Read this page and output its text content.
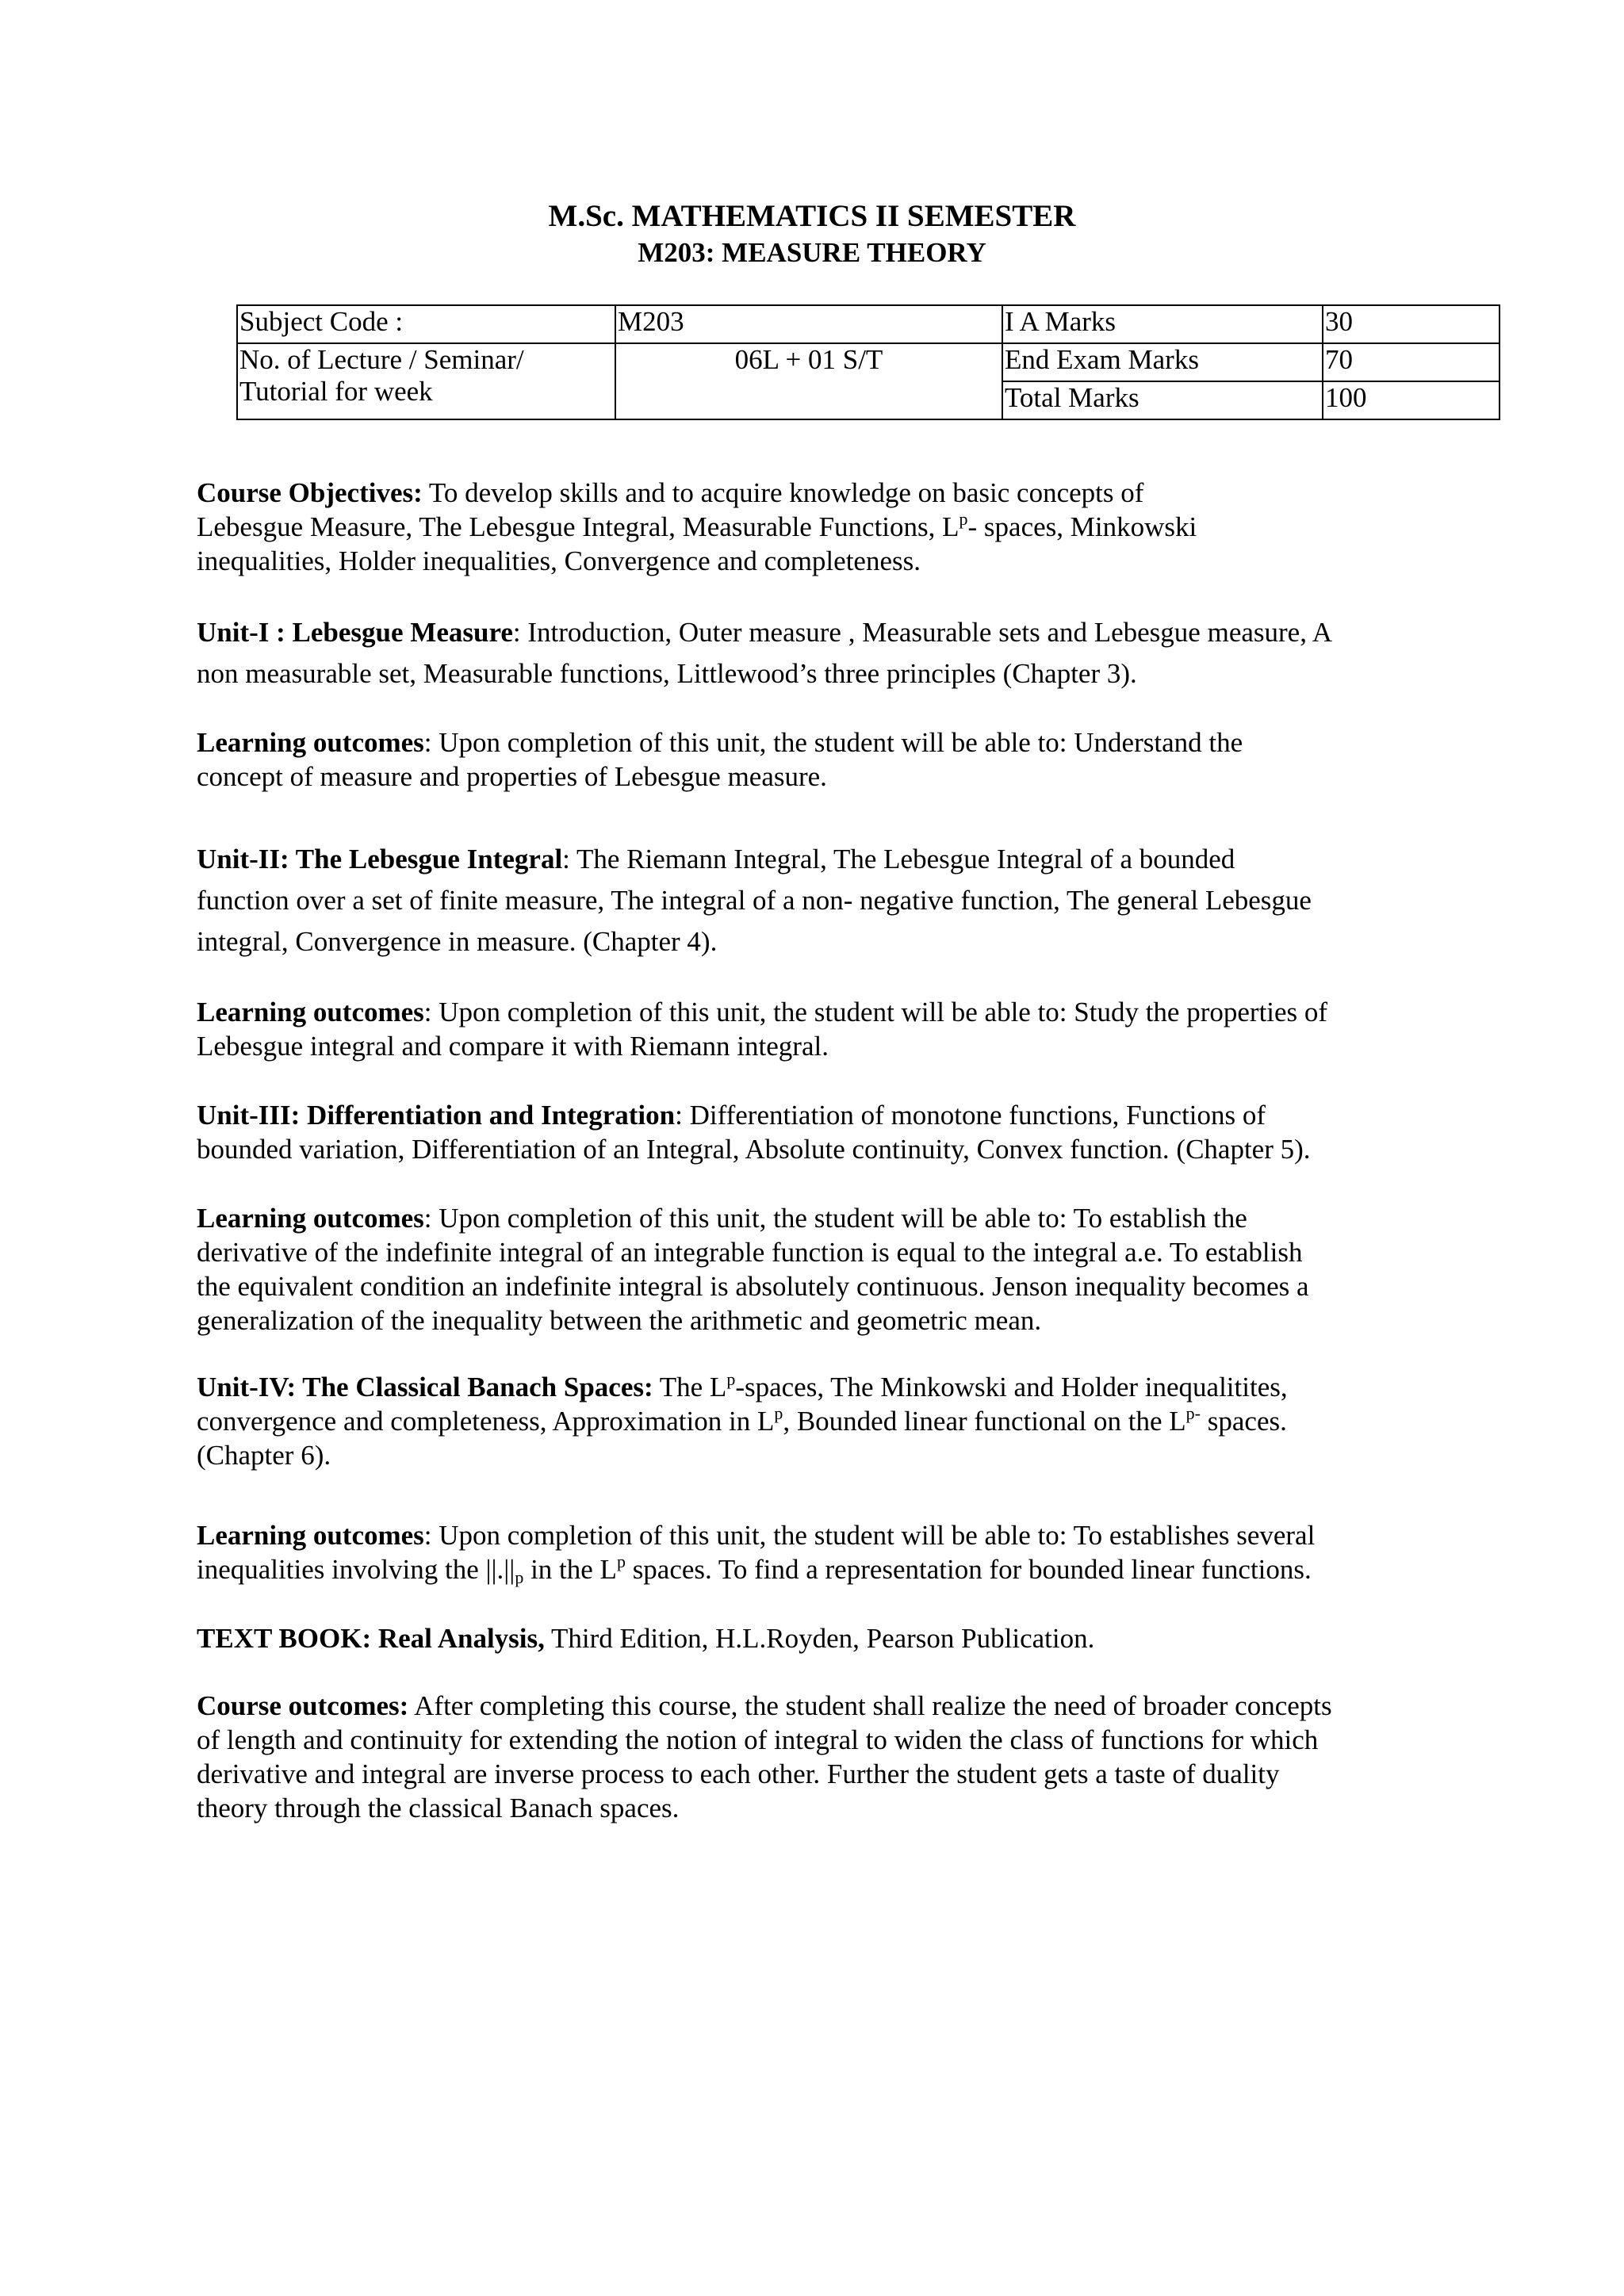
M.Sc. MATHEMATICS II SEMESTER
M203: MEASURE THEORY
Subject Code :	M203	I A Marks	30
No. of Lecture / Seminar/
Tutorial for week	06L + 01 S/T	End Exam Marks	70
		Total Marks	100
Course Objectives: To develop skills and to acquire knowledge on basic concepts of
Lebesgue Measure, The Lebesgue Integral, Measurable Functions, $L^p-$ spaces, Minkowski
inequalities, Holder inequalities, Convergence and completeness.
Unit-I : Lebesgue Measure: Introduction, Outer measure , Measurable sets and Lebesgue measure, A
non measurable set, Measurable functions, Littlewood’s three principles (Chapter 3).
Learning outcomes: Upon completion of this unit, the student will be able to: Understand the
concept of measure and properties of Lebesgue measure.
Unit-II: The Lebesgue Integral: The Riemann Integral, The Lebesgue Integral of a bounded
function over a set of finite measure, The integral of a non- negative function, The general Lebesgue
integral, Convergence in measure. (Chapter 4).
Learning outcomes: Upon completion of this unit, the student will be able to: Study the properties of
Lebesgue integral and compare it with Riemann integral.
Unit-III: Differentiation and Integration: Differentiation of monotone functions, Functions of
bounded variation, Differentiation of an Integral, Absolute continuity, Convex function. (Chapter 5).
Learning outcomes: Upon completion of this unit, the student will be able to: To establish the
derivative of the indefinite integral of an integrable function is equal to the integral a.e. To establish
the equivalent condition an indefinite integral is absolutely continuous. Jenson inequality becomes a
generalization of the inequality between the arithmetic and geometric mean.
Unit-IV: The Classical Banach Spaces: The $L^p$-spaces, The Minkowski and Holder inequalitites,
convergence and completeness, Approximation in $L^p$, Bounded linear functional on the $L^{p-}$ spaces.
(Chapter 6).
Learning outcomes: Upon completion of this unit, the student will be able to: To establishes several
inequalities involving the $||.||_p$ in the $L^p$ spaces. To find a representation for bounded linear functions.
TEXT BOOK: Real Analysis, Third Edition, H.L.Royden, Pearson Publication.
Course outcomes: After completing this course, the student shall realize the need of broader concepts
of length and continuity for extending the notion of integral to widen the class of functions for which
derivative and integral are inverse process to each other. Further the student gets a taste of duality
theory through the classical Banach spaces.
